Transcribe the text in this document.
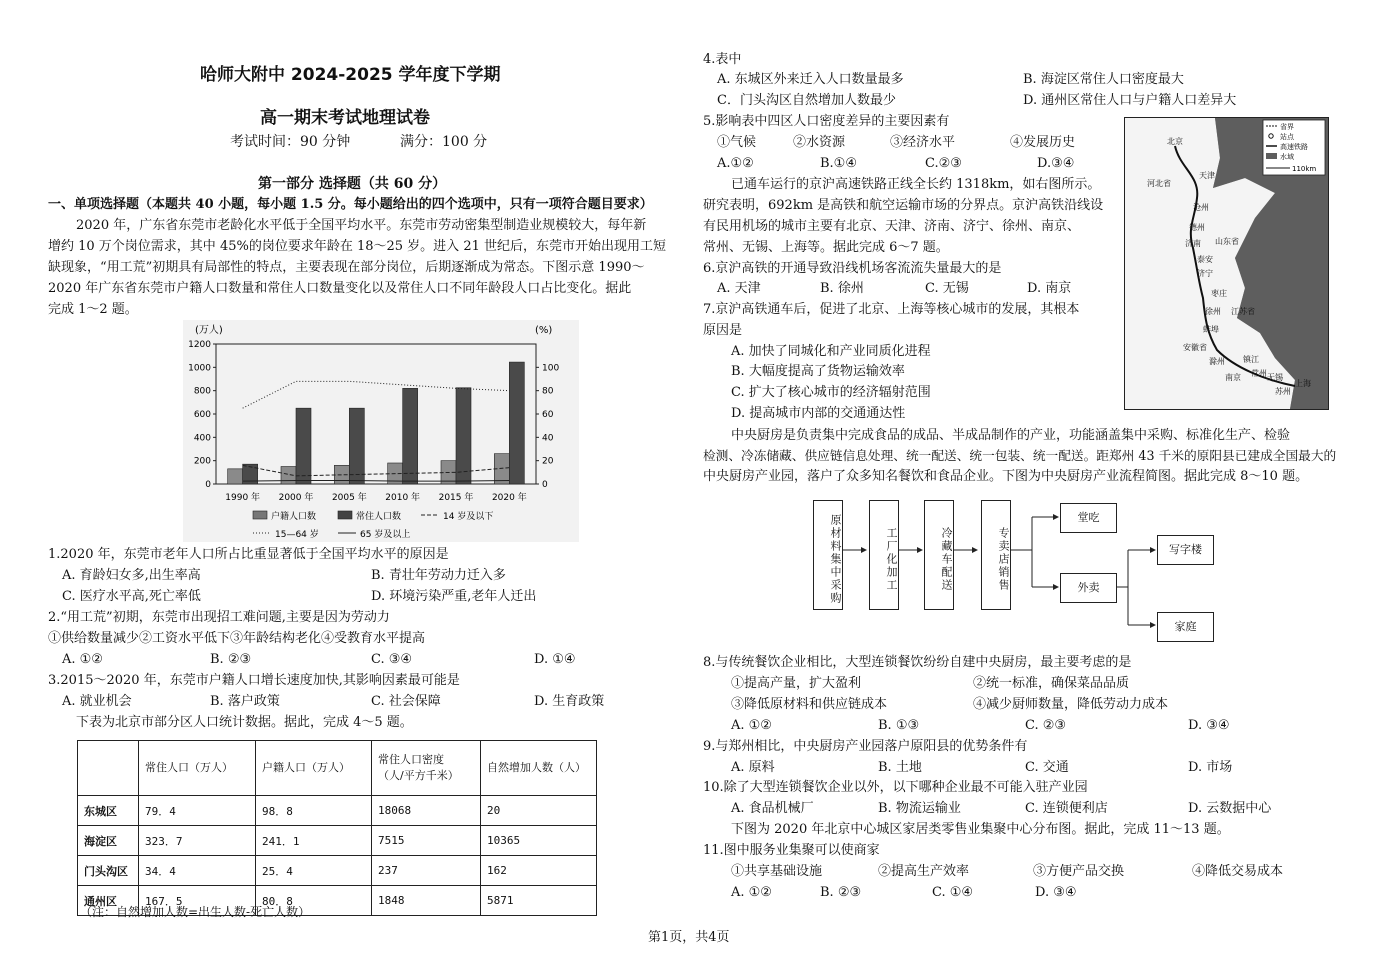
哈师大附中 2024-2025 学年度下学期
高一期末考试地理试卷
考试时间：90 分钟	满分：100 分
第一部分 选择题（共 60 分）
一、单项选择题（本题共 40 小题，每小题 1.5 分。每小题给出的四个选项中，只有一项符合题目要求）
2020 年，广东省东莞市老龄化水平低于全国平均水平。东莞市劳动密集型制造业规模较大，每年新
增约 10 万个岗位需求，其中 45%的岗位要求年龄在 18～25 岁。进入 21 世纪后，东莞市开始出现用工短
缺现象，“用工荒”初期具有局部性的特点，主要表现在部分岗位，后期逐渐成为常态。下图示意 1990～
2020 年广东省东莞市户籍人口数量和常住人口数量变化以及常住人口不同年龄段人口占比变化。据此
完成 1～2 题。
(万人)	(%)
0
200
400
600
800
1000
1200
0
20
40
60
80
100
1990 年 2000 年 2005 年 2010 年 2015 年 2020 年
户籍人口数	常住人口数	14 岁及以下
15—64 岁	65 岁及以上
1.2020 年，东莞市老年人口所占比重显著低于全国平均水平的原因是
A. 育龄妇女多,出生率高	B. 青壮年劳动力迁入多
C. 医疗水平高,死亡率低	D. 环境污染严重,老年人迁出
2.“用工荒”初期，东莞市出现招工难问题,主要是因为劳动力
①供给数量减少②工资水平低下③年龄结构老化④受教育水平提高
A. ①②	B. ②③	C. ③④	D. ①④
3.2015～2020 年，东莞市户籍人口增长速度加快,其影响因素最可能是
A. 就业机会	B. 落户政策	C. 社会保障	D. 生育政策
下表为北京市部分区人口统计数据。据此，完成 4～5 题。
	常住人口（万人）	户籍人口（万人）	常住人口密度
（人/平方千米）	自然增加人数（人）
东城区	79．4	98．8	18068	20
海淀区	323．7	241．1	7515	10365
门头沟区	34．4	25．4	237	162
通州区	167．5	80．8	1848	5871
（注：自然增加人数=出生人数-死亡人数）
4.表中
A. 东城区外来迁入人口数量最多	B. 海淀区常住人口密度最大
C．门头沟区自然增加人数最少	D. 通州区常住人口与户籍人口差异大
5.影响表中四区人口密度差异的主要因素有
①气候	②水资源	③经济水平	④发展历史
A.①②	B.①④	C.②③	D.③④
已通车运行的京沪高速铁路正线全长约 1318km，如右图所示。
研究表明，692km 是高铁和航空运输市场的分界点。京沪高铁沿线设
有民用机场的城市主要有北京、天津、济南、济宁、徐州、南京、
常州、无锡、上海等。据此完成 6～7 题。
省界
站点
高速铁路
水域
110km
北京
天津
河北省
沧州
德州
济南 山东省
泰安
济宁
枣庄
徐州 江苏省
安徽省
蚌埠
滁州
南京
镇江
常州 无锡
上海
苏州
6.京沪高铁的开通导致沿线机场客流流失量最大的是
A. 天津	B. 徐州	C. 无锡	D. 南京
7.京沪高铁通车后，促进了北京、上海等核心城市的发展，其根本
原因是
A. 加快了同城化和产业同质化进程
B. 大幅度提高了货物运输效率
C. 扩大了核心城市的经济辐射范围
D. 提高城市内部的交通通达性
中央厨房是负责集中完成食品的成品、半成品制作的产业，功能涵盖集中采购、标准化生产、检验
检测、冷冻储藏、供应链信息处理、统一配送、统一包装、统一配送。距郑州 43 千米的原阳县已建成全国最大的
中央厨房产业园，落户了众多知名餐饮和食品企业。下图为中央厨房产业流程简图。据此完成 8～10 题。
原材料集中采购	工厂化加工	冷藏车配送	专卖店销售
堂吃
外卖
写字楼
家庭
8.与传统餐饮企业相比，大型连锁餐饮纷纷自建中央厨房，最主要考虑的是
①提高产量，扩大盈利	②统一标准，确保菜品品质
③降低原材料和供应链成本	④减少厨师数量，降低劳动力成本
A. ①②	B. ①③	C. ②③	D. ③④
9.与郑州相比，中央厨房产业园落户原阳县的优势条件有
A. 原料	B. 土地	C. 交通	D. 市场
10.除了大型连锁餐饮企业以外，以下哪种企业最不可能入驻产业园
A. 食品机械厂	B. 物流运输业	C. 连锁便利店	D. 云数据中心
下图为 2020 年北京中心城区家居类零售业集聚中心分布图。据此，完成 11～13 题。
11.图中服务业集聚可以使商家
①共享基础设施	②提高生产效率	③方便产品交换	④降低交易成本
A. ①②	B. ②③	C. ①④	D. ③④
第1页，共4页
